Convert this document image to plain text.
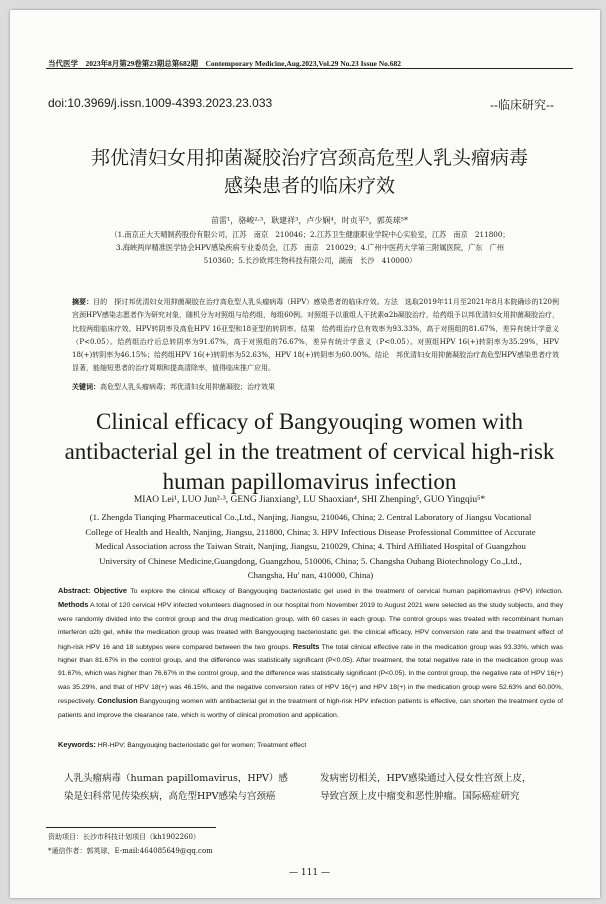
当代医学　2023年8月第29卷第23期总第682期　Contemporary Medicine,Aug.2023,Vol.29 No.23 Issue No.682
doi:10.3969/j.issn.1009-4393.2023.23.033	--临床研究--
邦优清妇女用抑菌凝胶治疗宫颈高危型人乳头瘤病毒
感染患者的临床疗效
苗雷¹，骆峻²·³，耿建祥³，卢少娴⁴，时贞平⁵，郭英球⁵*
（1.南京正大天晴制药股份有限公司，江苏　南京　210046；2.江苏卫生健康职业学院中心实验室，江苏　南京　211800；
3.海峡两岸精准医学协会HPV感染疾病专业委员会，江苏　南京　210029；4.广州中医药大学第三附属医院，广东　广州
510360；5.长沙欧邦生物科技有限公司，湖南　长沙　410000）
摘要：目的　探讨邦优清妇女用抑菌凝胶在治疗高危型人乳头瘤病毒（HPV）感染患者的临床疗效。方法　选取2019年11月至2021年8月本院确诊的120例宫颈HPV感染志愿者作为研究对象，随机分为对照组与给药组，每组60例。对照组予以重组人干扰素α2b凝胶治疗，给药组予以邦优清妇女用抑菌凝胶治疗，比较两组临床疗效、HPV转阴率及高危HPV 16亚型和18亚型的转阴率。结果　给药组治疗总有效率为93.33%，高于对照组的81.67%，差异有统计学意义（P<0.05）。给药组治疗后总转阴率为91.67%，高于对照组的76.67%，差异有统计学意义（P<0.05）。对照组HPV 16(+)转阴率为35.29%，HPV 18(+)转阴率为46.15%；给药组HPV 16(+)转阴率为52.63%，HPV 18(+)转阴率为60.00%。结论　邦优清妇女用抑菌凝胶治疗高危型HPV感染患者疗效显著，能缩短患者的治疗周期和提高清除率，值得临床推广应用。
关键词：高危型人乳头瘤病毒；邦优清妇女用抑菌凝胶；治疗效果
Clinical efficacy of Bangyouqing women with
antibacterial gel in the treatment of cervical high-risk
human papillomavirus infection
MIAO Lei¹, LUO Jun²·³, GENG Jianxiang³, LU Shaoxian⁴, SHI Zhenping⁵, GUO Yingqiu⁵*
(1. Zhengda Tianqing Pharmaceutical Co.,Ltd., Nanjing, Jiangsu, 210046, China; 2. Central Laboratory of Jiangsu Vocational
College of Health and Health, Nanjing, Jiangsu, 211800, China; 3. HPV Infectious Disease Professional Committee of Accurate
Medical Association across the Taiwan Strait, Nanjing, Jiangsu, 210029, China; 4. Third Affiliated Hospital of Guangzhou
University of Chinese Medicine,Guangdong, Guangzhou, 510006, China; 5. Changsha Oubang Biotechnology Co.,Ltd.,
Changsha, Hu' nan, 410000, China)
Abstract: Objective To explore the clinical efficacy of Bangyouqing bacteriostatic gel used in the treatment of cervical human papillomavirus (HPV) infection. Methods A total of 120 cervical HPV infected volunteers diagnosed in our hospital from November 2019 to August 2021 were selected as the study subjects, and they were randomly divided into the control group and the drug medication group, with 60 cases in each group. The control groups was treated with recombinant human interferon α2b gel, while the medication group was treated with Bangyouqing bacteriostatic gel. the clinical efficacy, HPV conversion rate and the treatment effect of high-risk HPV 16 and 18 subtypes were compared between the two groups. Results The total clinical effective rate in the medication group was 93.33%, which was higher than 81.67% in the control group, and the difference was statistically significant (P<0.05). After treatment, the total negative rate in the medication group was 91.67%, which was higher than 76.67% in the control group, and the difference was statistically significant (P<0.05). In the control group, the negative rate of HPV 16(+) was 35.29%, and that of HPV 18(+) was 46.15%, and the negative conversion rates of HPV 16(+) and HPV 18(+) in the medication group were 52.63% and 60.00%, respectively. Conclusion Bangyouqing women with antibacterial gel in the treatment of high-risk HPV infection patients is effective, can shorten the treatment cycle of patients and improve the clearance rate, which is worthy of clinical promotion and application.
Keywords: HR-HPV; Bangyouqing bacteriostatic gel for women; Treatment effect
人乳头瘤病毒（human papillomavirus，HPV）感
染是妇科常见传染疾病，高危型HPV感染与宫颈癌
发病密切相关，HPV感染通过入侵女性宫颈上皮，
导致宫颈上皮中瘤变和恶性肿瘤。国际癌症研究
资助项目：长沙市科技计划项目（kh1902260）
*通信作者：郭英球，E-mail:464085649@qq.com
— 111 —
